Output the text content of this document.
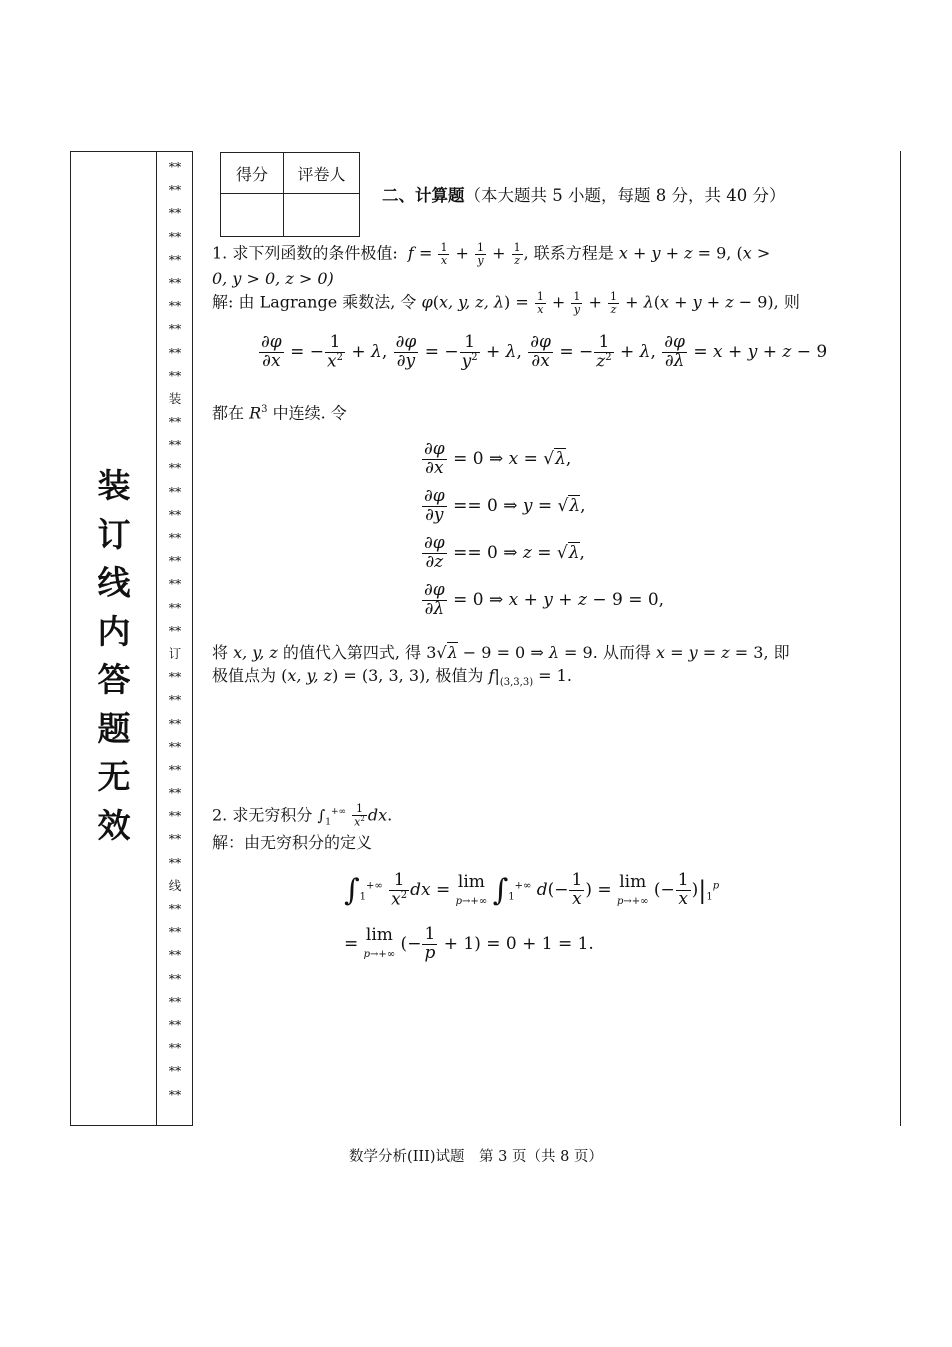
装
订
线
内
答
题
无
效
**
**
**
**
**
**
**
**
**
**
装
**
**
**
**
**
**
**
**
**
**
订
**
**
**
**
**
**
**
**
**
线
**
**
**
**
**
**
**
**
**
得分	评卷人

二、计算题（本大题共 5 小题，每题 8 分，共 40 分）
1. 求下列函数的条件极值:  $f = \frac{1}{x} + \frac{1}{y} + \frac{1}{z}$ , 联系方程是 x + y + z = 9, (x >
0, y > 0, z > 0)
解: 由 Lagrange 乘数法, 令 φ(x, y, z, $\lambda) = \frac{1}{x} + \frac{1}{y} + \frac{1}{z} + \lambda(x + y + z - 9)$, 则
$\frac{\partial\varphi}{\partial x}$ = − $\frac{1}{x^2} + \lambda$, $\frac{\partial\varphi}{\partial y}$ = − $\frac{1}{y^2} + \lambda$, $\frac{\partial\varphi}{\partial x}$ = − $\frac{1}{z^2} + \lambda$, $\frac{\partial\varphi}{\partial\lambda} = x + y + z - 9$
都在 $R^3$ 中连续. 令
$\frac{\partial\varphi}{\partial x} = 0$ ⇒ x = √λ,
$\frac{\partial\varphi}{\partial y} == 0$ ⇒ y = √λ,
$\frac{\partial\varphi}{\partial z} == 0$ ⇒ z = √λ,
$\frac{\partial\varphi}{\partial\lambda} = 0$ ⇒ x + y + z − 9 = 0,
将 x, y, z 的值代入第四式, 得 3√λ − 9 = 0 ⇒ λ = 9. 从而得 x = y = z = 3, 即
极值点为 (x, y, z) = (3, 3, 3), 极值为 $f|_{(3,3,3)} = 1$.
2. 求无穷积分 $\int_1^{+\infty} \frac{1}{x^2}$ dx.
解：由无穷积分的定义
$\int_1^{+\infty} \frac{1}{x^2}$ dx = lim
p→+∞ $\int_1^{+\infty}$ $d(- \frac{1}{x}$ ) = lim
p→+∞ (− $\frac{1}{x} )|_1^p$
= lim
p→+∞ (− $\frac{1}{p} + 1) = 0 + 1 = 1$.
数学分析(III)试题　第 3 页（共 8 页）
